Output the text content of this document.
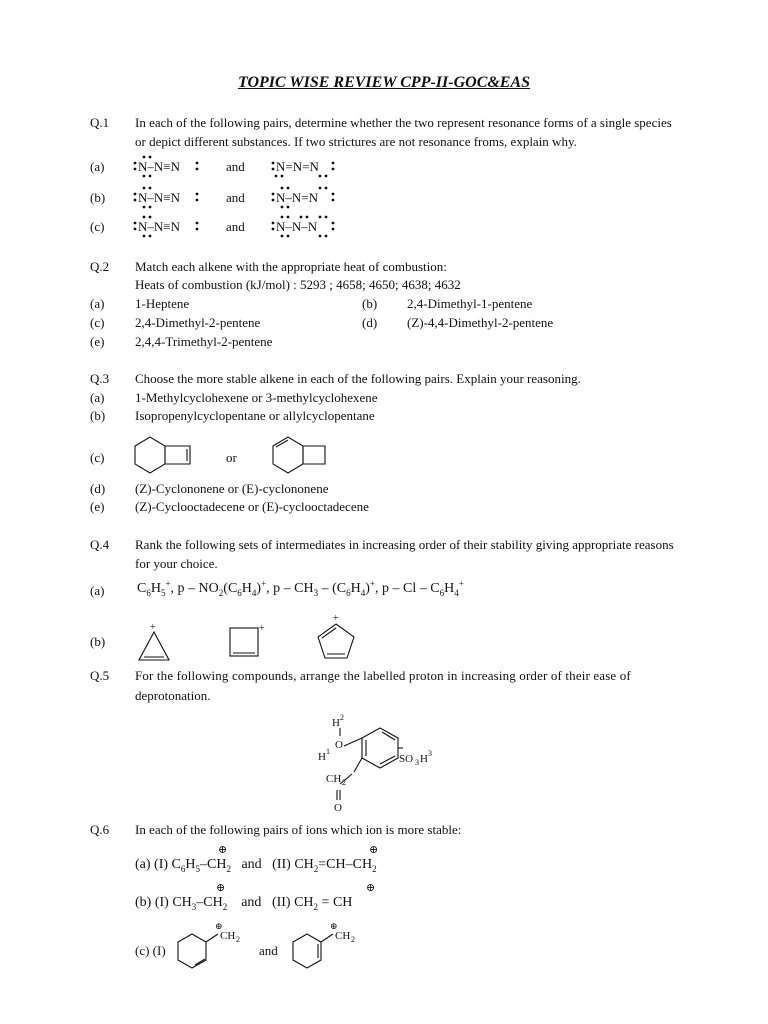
TOPIC WISE REVIEW CPP-II-GOC&EAS
Q.1 In each of the following pairs, determine whether the two represent resonance forms of a single species
or depict different substances. If two strictures are not resonance froms, explain why.
(a)	N–N≡N	and N=N=N
(b)	N–N≡N	and N–N=N
(c)	N–N≡N	and N–N–N
Q.2 Match each alkene with the appropriate heat of combustion:
Heats of combustion (kJ/mol) : 5293 ; 4658; 4650; 4638; 4632
(a) 1-Heptene	(b) 2,4-Dimethyl-1-pentene
(c) 2,4-Dimethyl-2-pentene	(d) (Z)-4,4-Dimethyl-2-pentene
(e) 2,4,4-Trimethyl-2-pentene
Q.3 Choose the more stable alkene in each of the following pairs. Explain your reasoning.
(a) 1-Methylcyclohexene or 3-methylcyclohexene
(b) Isopropenylcyclopentane or allylcyclopentane
(c)	or
(d) (Z)-Cyclononene or (E)-cyclononene
(e) (Z)-Cyclooctadecene or (E)-cyclooctadecene
Q.4 Rank the following sets of intermediates in increasing order of their stability giving appropriate reasons
for your choice.
(a) $C_6H_5^+$, p – $NO_2(C_6H_4)^+$, p – $CH_3 - (C_6H_4)^+$, p – Cl – $C_6H_4^+$
(b)
+	+
+
Q.5 For the following compounds, arrange the labelled proton in increasing order of their ease of
deprotonation.
H 2
O
H 1
CH 2
O
SO 3 H 3
Q.6 In each of the following pairs of ions which ion is more stable:
(a) (I) $C_6H_5-CH_2$ and (II) $CH_2=CH-CH_2$
⊕	⊕
(b) (I) $CH_3-CH_2$ and (II) $CH_2$ = CH
⊕	⊕
(c) (I)
⊕
CH 2
and
⊕
CH 2
